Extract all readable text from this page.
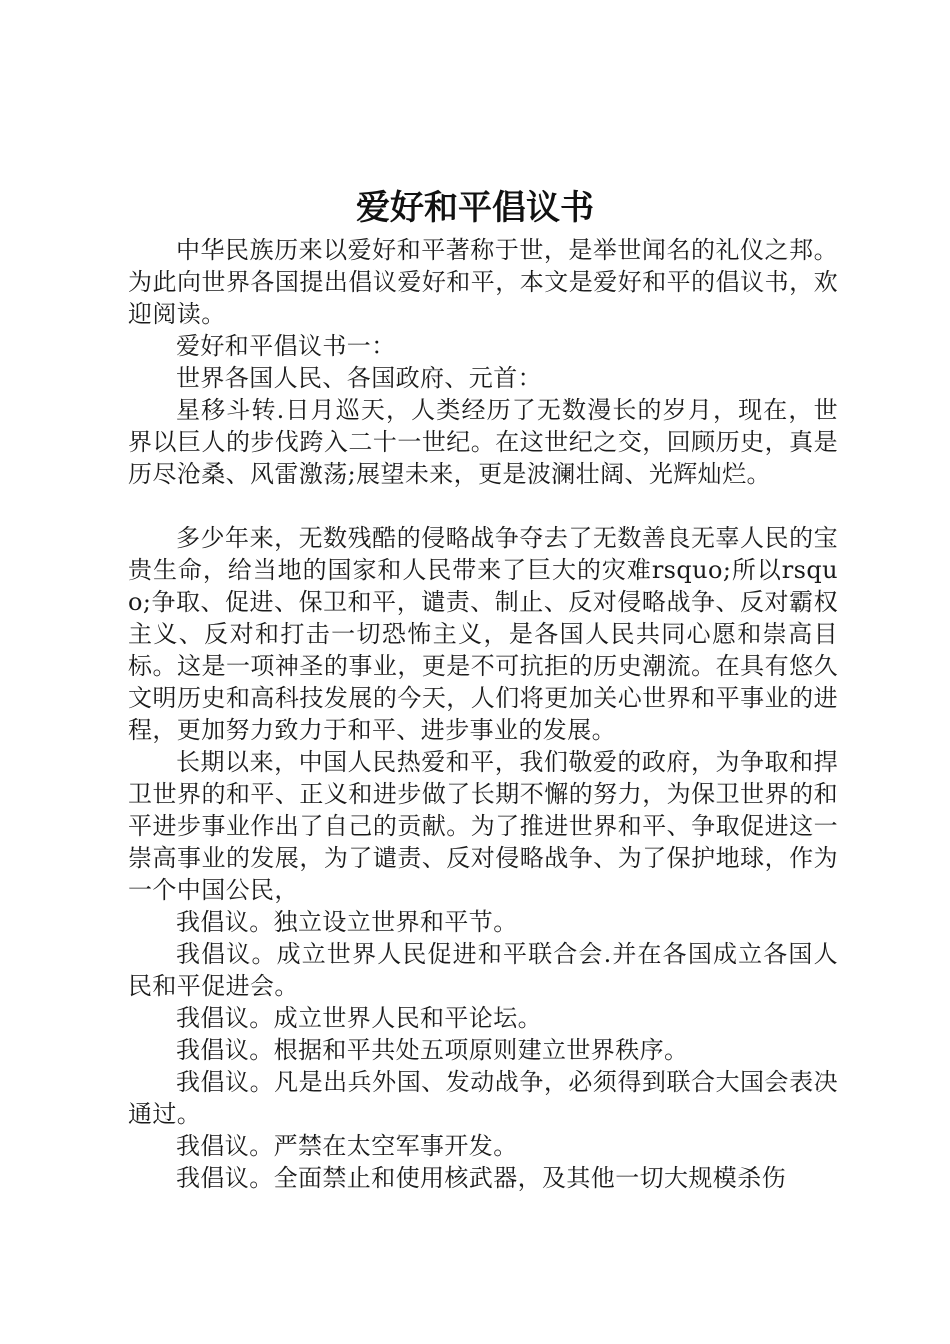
爱好和平倡议书

中华民族历来以爱好和平著称于世，是举世闻名的礼仪之邦。为此向世界各国提出倡议爱好和平，本文是爱好和平的倡议书，欢迎阅读。

爱好和平倡议书一：

世界各国人民、各国政府、元首：

星移斗转.日月巡天，人类经历了无数漫长的岁月，现在，世界以巨人的步伐跨入二十一世纪。在这世纪之交，回顾历史，真是历尽沧桑、风雷激荡;展望未来，更是波澜壮阔、光辉灿烂。

多少年来，无数残酷的侵略战争夺去了无数善良无辜人民的宝贵生命，给当地的国家和人民带来了巨大的灾难rsquo;所以rsquo;争取、促进、保卫和平，谴责、制止、反对侵略战争、反对霸权主义、反对和打击一切恐怖主义，是各国人民共同心愿和崇高目标。这是一项神圣的事业，更是不可抗拒的历史潮流。在具有悠久文明历史和高科技发展的今天，人们将更加关心世界和平事业的进程，更加努力致力于和平、进步事业的发展。

长期以来，中国人民热爱和平，我们敬爱的政府，为争取和捍卫世界的和平、正义和进步做了长期不懈的努力，为保卫世界的和平进步事业作出了自己的贡献。为了推进世界和平、争取促进这一崇高事业的发展，为了谴责、反对侵略战争、为了保护地球，作为一个中国公民，

我倡议。独立设立世界和平节。

我倡议。成立世界人民促进和平联合会.并在各国成立各国人民和平促进会。

我倡议。成立世界人民和平论坛。

我倡议。根据和平共处五项原则建立世界秩序。

我倡议。凡是出兵外国、发动战争，必须得到联合大国会表决通过。

我倡议。严禁在太空军事开发。

我倡议。全面禁止和使用核武器，及其他一切大规模杀伤
